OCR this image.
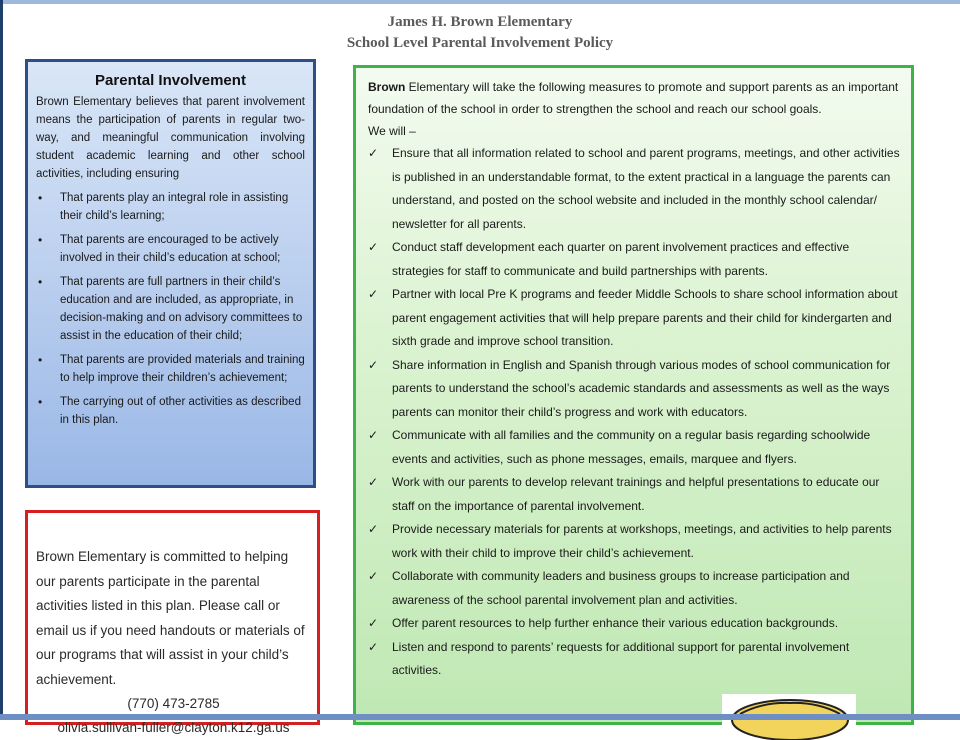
James H. Brown Elementary
School Level Parental Involvement Policy
Parental Involvement

Brown Elementary believes that parent involvement means the participation of parents in regular two-way, and meaningful communication involving student academic learning and other school activities, including ensuring

• That parents play an integral role in assisting their child’s learning;
• That parents are encouraged to be actively involved in their child’s education at school;
• That parents are full partners in their child’s education and are included, as appropriate, in decision-making and on advisory committees to assist in the education of their child;
• That parents are provided materials and training to help improve their children’s achievement;
• The carrying out of other activities as described in this plan.

Brown Elementary is committed to helping our parents participate in the parental activities listed in this plan. Please call or email us if you need handouts or materials of our programs that will assist in your child’s achievement.

(770) 473-2785
olivia.sullivan-fuller@clayton.k12.ga.us

Brown Elementary will take the following measures to promote and support parents as an important foundation of the school in order to strengthen the school and reach our school goals.

We will –

✓ Ensure that all information related to school and parent programs, meetings, and other activities is published in an understandable format, to the extent practical in a language the parents can understand, and posted on the school website and included in the monthly school calendar/ newsletter for all parents.
✓ Conduct staff development each quarter on parent involvement practices and effective strategies for staff to communicate and build partnerships with parents.
✓ Partner with local Pre K programs and feeder Middle Schools to share school information about parent engagement activities that will help prepare parents and their child for kindergarten and sixth grade and improve school transition.
✓ Share information in English and Spanish through various modes of school communication for parents to understand the school’s academic standards and assessments as well as the ways parents can monitor their child’s progress and work with educators.
✓ Communicate with all families and the community on a regular basis regarding schoolwide events and activities, such as phone messages, emails, marquee and flyers.
✓ Work with our parents to develop relevant trainings and helpful presentations to educate our staff on the importance of parental involvement.
✓ Provide necessary materials for parents at workshops, meetings, and activities to help parents work with their child to improve their child’s achievement.
✓ Collaborate with community leaders and business groups to increase participation and awareness of the school parental involvement plan and activities.
✓ Offer parent resources to help further enhance their various education backgrounds.
✓ Listen and respond to parents’ requests for additional support for parental involvement activities.
